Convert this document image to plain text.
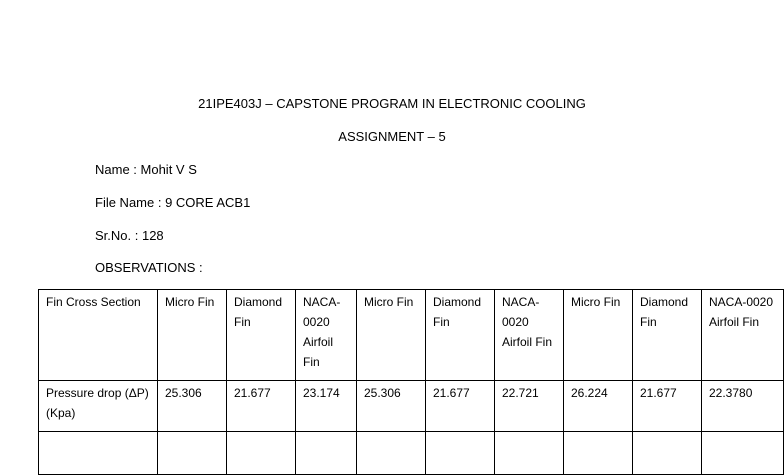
21IPE403J – CAPSTONE PROGRAM IN ELECTRONIC COOLING
ASSIGNMENT – 5
Name : Mohit V S
File Name : 9 CORE ACB1
Sr.No. : 128
OBSERVATIONS :
Fin Cross Section	Micro Fin	Diamond Fin	NACA-0020 Airfoil Fin	Micro Fin	Diamond Fin	NACA-0020 Airfoil Fin	Micro Fin	Diamond Fin	NACA-0020 Airfoil Fin
Pressure drop (ΔP) (Kpa)	25.306	21.677	23.174	25.306	21.677	22.721	26.224	21.677	22.3780
